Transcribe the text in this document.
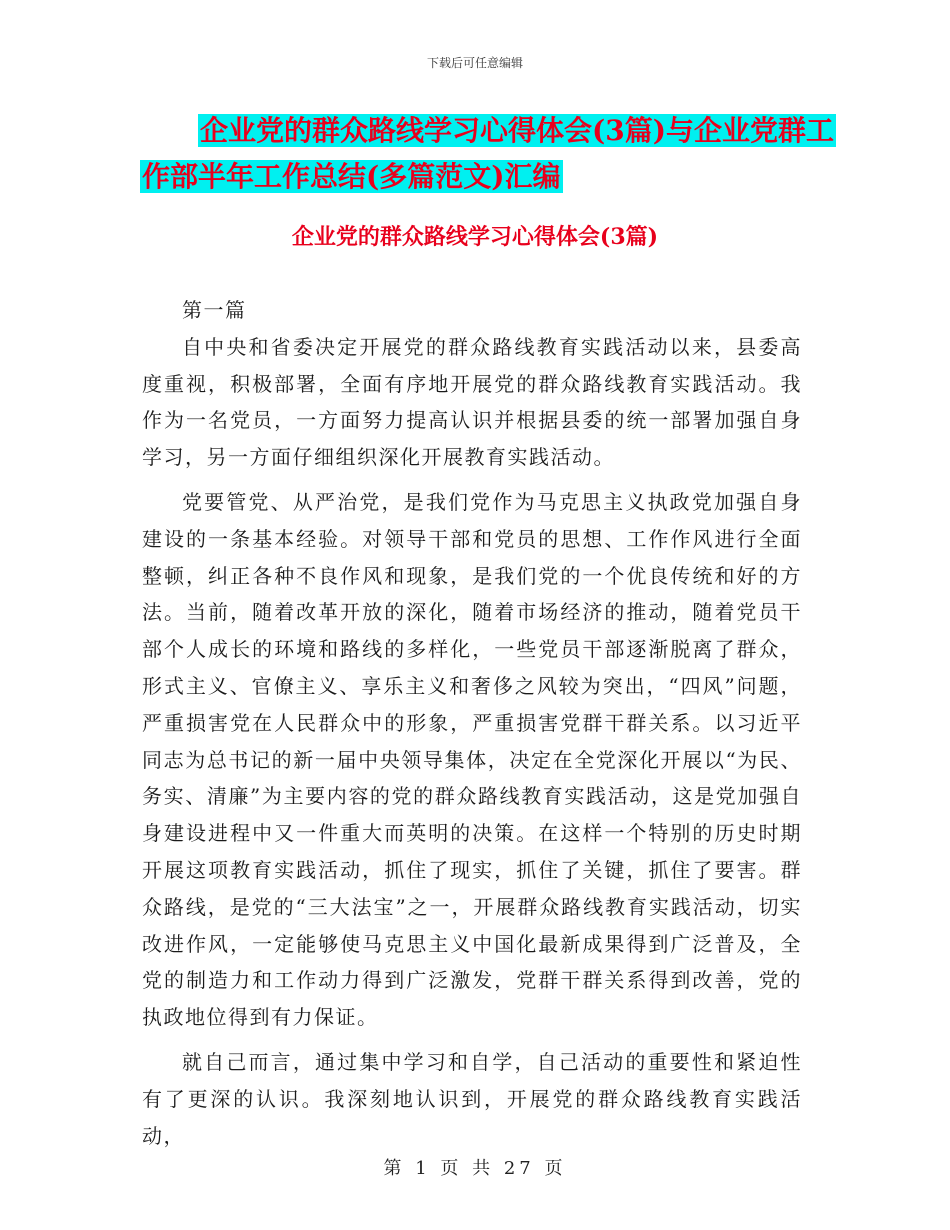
下载后可任意编辑
企业党的群众路线学习心得体会(3篇)与企业党群工
作部半年工作总结(多篇范文)汇编
企业党的群众路线学习心得体会(3篇)

第一篇

自中央和省委决定开展党的群众路线教育实践活动以来，县委高度重视，积极部署，全面有序地开展党的群众路线教育实践活动。我作为一名党员，一方面努力提高认识并根据县委的统一部署加强自身学习，另一方面仔细组织深化开展教育实践活动。

党要管党、从严治党，是我们党作为马克思主义执政党加强自身建设的一条基本经验。对领导干部和党员的思想、工作作风进行全面整顿，纠正各种不良作风和现象，是我们党的一个优良传统和好的方法。当前，随着改革开放的深化，随着市场经济的推动，随着党员干部个人成长的环境和路线的多样化，一些党员干部逐渐脱离了群众，形式主义、官僚主义、享乐主义和奢侈之风较为突出，“四风”问题，严重损害党在人民群众中的形象，严重损害党群干群关系。以习近平同志为总书记的新一届中央领导集体，决定在全党深化开展以“为民、务实、清廉”为主要内容的党的群众路线教育实践活动，这是党加强自身建设进程中又一件重大而英明的决策。在这样一个特别的历史时期开展这项教育实践活动，抓住了现实，抓住了关键，抓住了要害。群众路线，是党的“三大法宝”之一，开展群众路线教育实践活动，切实改进作风，一定能够使马克思主义中国化最新成果得到广泛普及，全党的制造力和工作动力得到广泛激发，党群干群关系得到改善，党的执政地位得到有力保证。

就自己而言，通过集中学习和自学，自己活动的重要性和紧迫性有了更深的认识。我深刻地认识到，开展党的群众路线教育实践活动，

第 1 页 共 27 页
